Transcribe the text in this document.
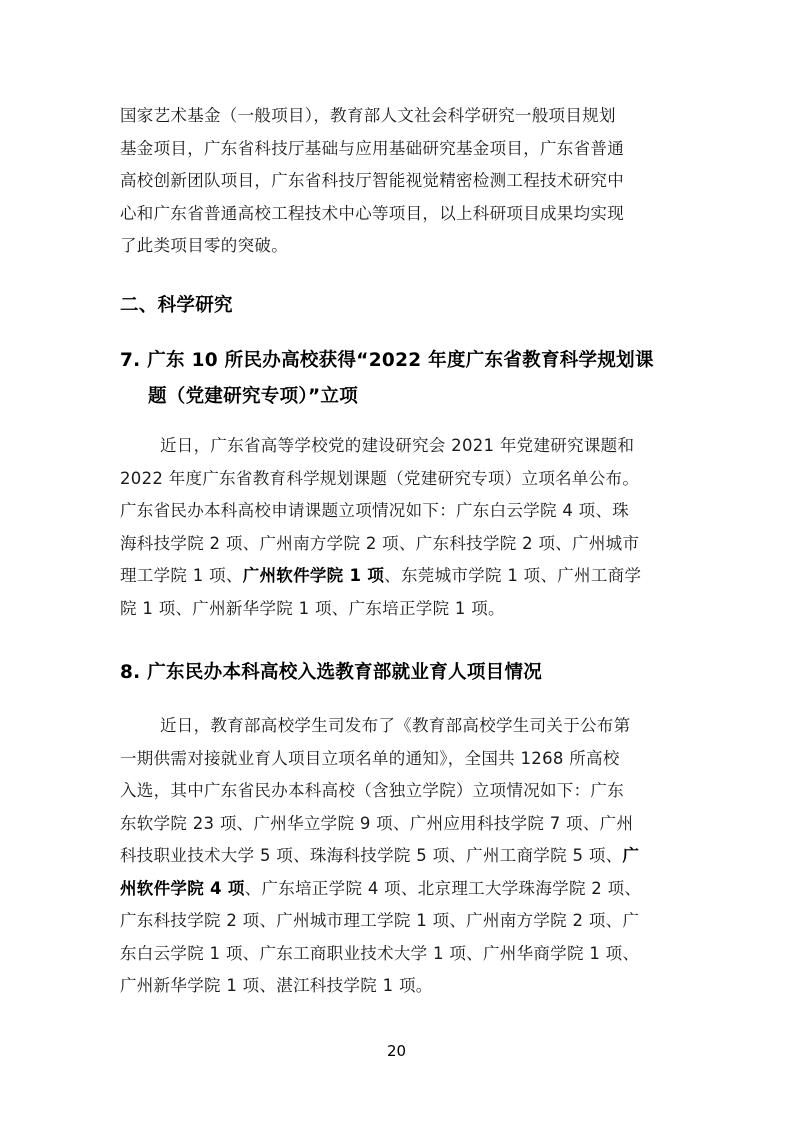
国家艺术基金（一般项目），教育部人文社会科学研究一般项目规划
基金项目，广东省科技厅基础与应用基础研究基金项目，广东省普通
高校创新团队项目，广东省科技厅智能视觉精密检测工程技术研究中
心和广东省普通高校工程技术中心等项目，以上科研项目成果均实现
了此类项目零的突破。

二、科学研究
7. 广东 10 所民办高校获得“2022 年度广东省教育科学规划课
题（党建研究专项）”立项

近日，广东省高等学校党的建设研究会 2021 年党建研究课题和
2022 年度广东省教育科学规划课题（党建研究专项）立项名单公布。
广东省民办本科高校申请课题立项情况如下：广东白云学院 4 项、珠
海科技学院 2 项、广州南方学院 2 项、广东科技学院 2 项、广州城市
理工学院 1 项、广州软件学院 1 项、东莞城市学院 1 项、广州工商学
院 1 项、广州新华学院 1 项、广东培正学院 1 项。

8. 广东民办本科高校入选教育部就业育人项目情况

近日，教育部高校学生司发布了《教育部高校学生司关于公布第
一期供需对接就业育人项目立项名单的通知》，全国共 1268 所高校
入选，其中广东省民办本科高校（含独立学院）立项情况如下：广东
东软学院 23 项、广州华立学院 9 项、广州应用科技学院 7 项、广州
科技职业技术大学 5 项、珠海科技学院 5 项、广州工商学院 5 项、广
州软件学院 4 项、广东培正学院 4 项、北京理工大学珠海学院 2 项、
广东科技学院 2 项、广州城市理工学院 1 项、广州南方学院 2 项、广
东白云学院 1 项、广东工商职业技术大学 1 项、广州华商学院 1 项、
广州新华学院 1 项、湛江科技学院 1 项。

20
